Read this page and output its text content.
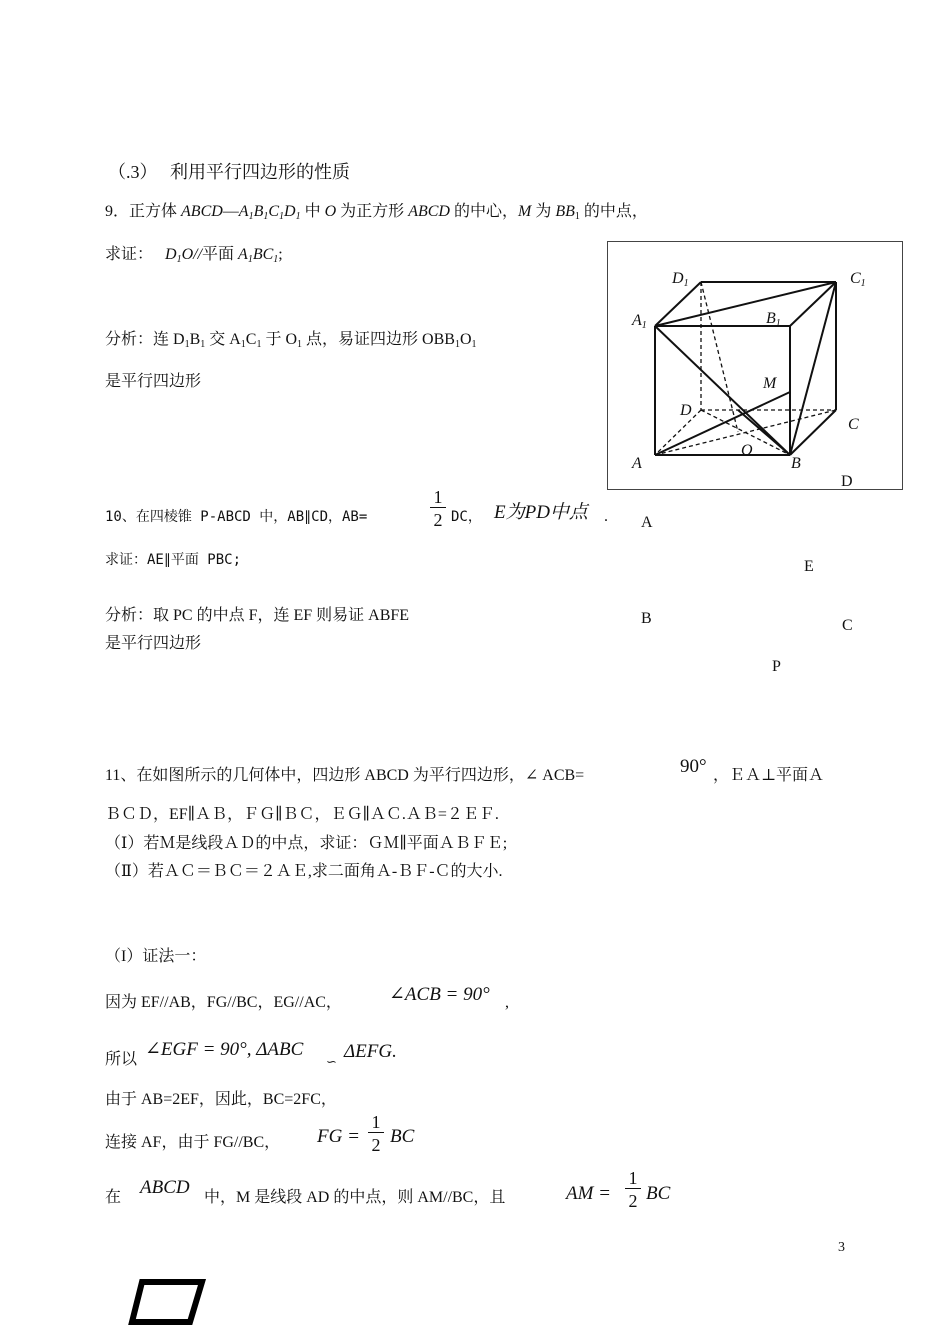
（.3） 利用平行四边形的性质
9．正方体 $ABCD—A_1B_1C_1D_1$ 中 O 为正方形 ABCD 的中心，M 为 $BB_1$ 的中点，
求证：   $D_1O//$平面 $A_1BC_1$;
分析：连 $D_1B_1$ 交 $A_1C_1$ 于 $O_1$ 点，易证四边形 $OBB_1O_1$
是平行四边形
$D_1$	$C_1$
$A_1$	$B_1$
M
D
C
A
O
B
D
A
E
B	C
P
10、在四棱锥 P-ABCD 中，AB∥CD，AB=
1
2 DC， E为PD中点 .
求证：AE∥平面 PBC;
分析：取 PC 的中点 F，连 EF 则易证 ABFE
是平行四边形
11、在如图所示的几何体中，四边形 ABCD 为平行四边形，∠ ACB=	90° ，ＥＡ⊥平面Ａ
ＢＣＤ，EF∥ＡＢ，ＦＧ∥ＢＣ，ＥＧ∥ＡＣ.ＡＢ=２ＥＦ.
（Ⅰ）若Ｍ是线段ＡＤ的中点，求证：ＧＭ∥平面ＡＢＦＥ;
（Ⅱ）若ＡＣ＝ＢＣ＝２ＡＥ,求二面角Ａ-ＢＦ-Ｃ的大小.
（I）证法一：
因为 EF//AB，FG//BC，EG//AC， ∠ACB = 90° ,
所以 ∠EGF = 90°, ΔABC
∽ ΔEFG.
由于 AB=2EF，因此，BC=2FC，
连接 AF，由于 FG//BC， FG =
1
2 BC
在 ABCD 中，M 是线段 AD 的中点，则 AM//BC，且	AM =
1
2 BC
3
